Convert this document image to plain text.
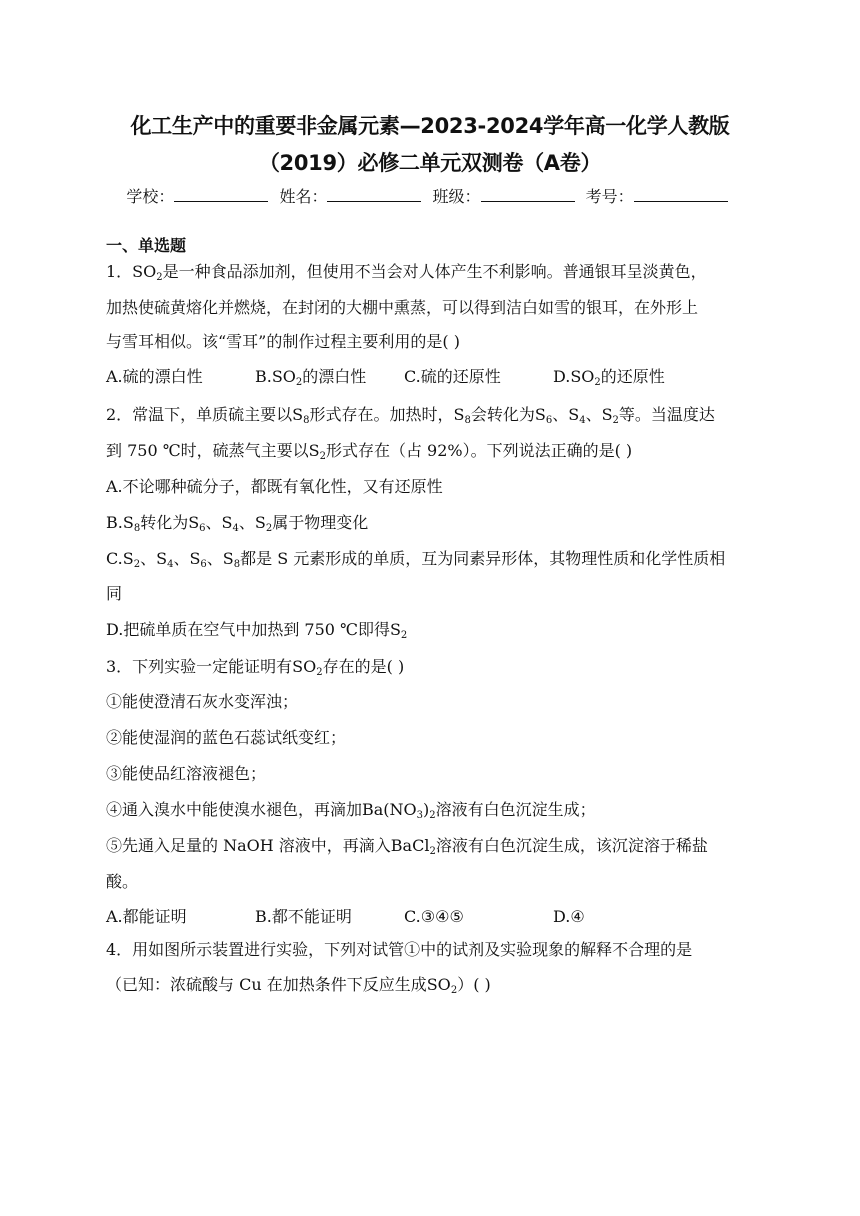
化工生产中的重要非金属元素—2023-2024学年高一化学人教版
（2019）必修二单元双测卷（A卷）
学校：	姓名：	班级：	考号：
一、单选题
1．$SO_2$是一种食品添加剂，但使用不当会对人体产生不利影响。普通银耳呈淡黄色，
加热使硫黄熔化并燃烧，在封闭的大棚中熏蒸，可以得到洁白如雪的银耳，在外形上
与雪耳相似。该“雪耳”的制作过程主要利用的是( )
A.硫的漂白性	$B.SO_2$的漂白性 C.硫的还原性	$D.SO_2$的还原性
2．常温下，单质硫主要以$S_8$形式存在。加热时，$S_8$会转化为$S_6$、$S_4$、$S_2$等。当温度达
到 750 ℃时，硫蒸气主要以$S_2$形式存在（占 92%）。下列说法正确的是( )
A.不论哪种硫分子，都既有氧化性，又有还原性
$B.S_8$转化为$S_6$、$S_4$、$S_2$属于物理变化
$C.S_2$、$S_4$、$S_6$、$S_8$都是 S 元素形成的单质，互为同素异形体，其物理性质和化学性质相
同
D.把硫单质在空气中加热到 750 ℃即得$S_2$
3．下列实验一定能证明有$SO_2$存在的是( )
①能使澄清石灰水变浑浊；
②能使湿润的蓝色石蕊试纸变红；
③能使品红溶液褪色；
④通入溴水中能使溴水褪色，再滴加$Ba(NO_3)_2$溶液有白色沉淀生成；
⑤先通入足量的 NaOH 溶液中，再滴入BaCl$_2$溶液有白色沉淀生成，该沉淀溶于稀盐
酸。
A.都能证明	B.都不能证明	C.③④⑤	D.④
4．用如图所示装置进行实验，下列对试管①中的试剂及实验现象的解释不合理的是
（已知：浓硫酸与 Cu 在加热条件下反应生成$SO_2$）( )
